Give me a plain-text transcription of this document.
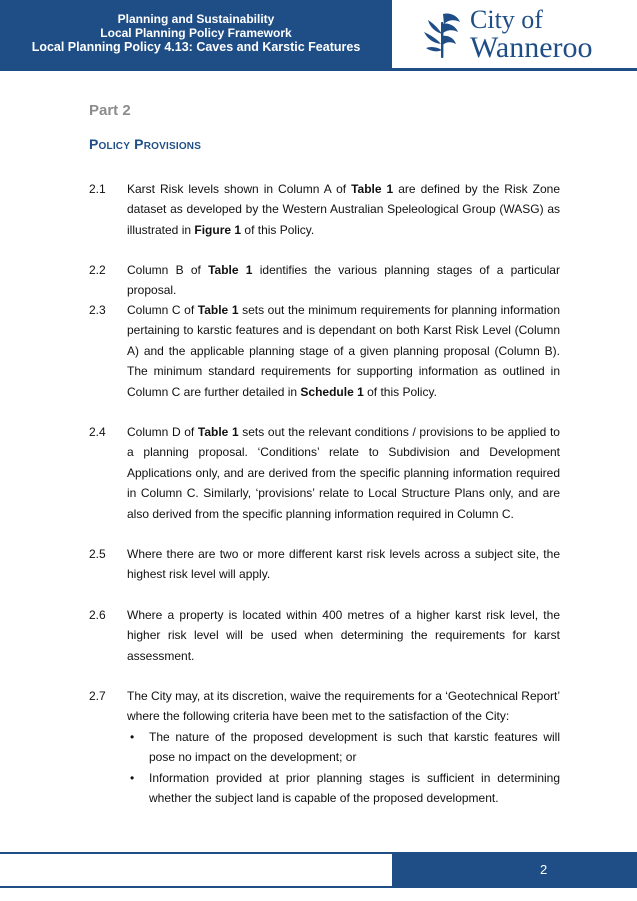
Planning and Sustainability
Local Planning Policy Framework
Local Planning Policy 4.13: Caves and Karstic Features
City of
Wanneroo
Part 2
Policy Provisions
2.1	Karst Risk levels shown in Column A of Table 1 are defined by the Risk Zone dataset as developed by the Western Australian Speleological Group (WASG) as illustrated in Figure 1 of this Policy.
2.2	Column B of Table 1 identifies the various planning stages of a particular proposal.
2.3	Column C of Table 1 sets out the minimum requirements for planning information pertaining to karstic features and is dependant on both Karst Risk Level (Column A) and the applicable planning stage of a given planning proposal (Column B). The minimum standard requirements for supporting information as outlined in Column C are further detailed in Schedule 1 of this Policy.
2.4	Column D of Table 1 sets out the relevant conditions / provisions to be applied to a planning proposal. ‘Conditions’ relate to Subdivision and Development Applications only, and are derived from the specific planning information required in Column C. Similarly, ‘provisions’ relate to Local Structure Plans only, and are also derived from the specific planning information required in Column C.
2.5	Where there are two or more different karst risk levels across a subject site, the highest risk level will apply.
2.6	Where a property is located within 400 metres of a higher karst risk level, the higher risk level will be used when determining the requirements for karst assessment.
2.7	The City may, at its discretion, waive the requirements for a ‘Geotechnical Report’ where the following criteria have been met to the satisfaction of the City:
• The nature of the proposed development is such that karstic features will pose no impact on the development; or
• Information provided at prior planning stages is sufficient in determining whether the subject land is capable of the proposed development.
2
